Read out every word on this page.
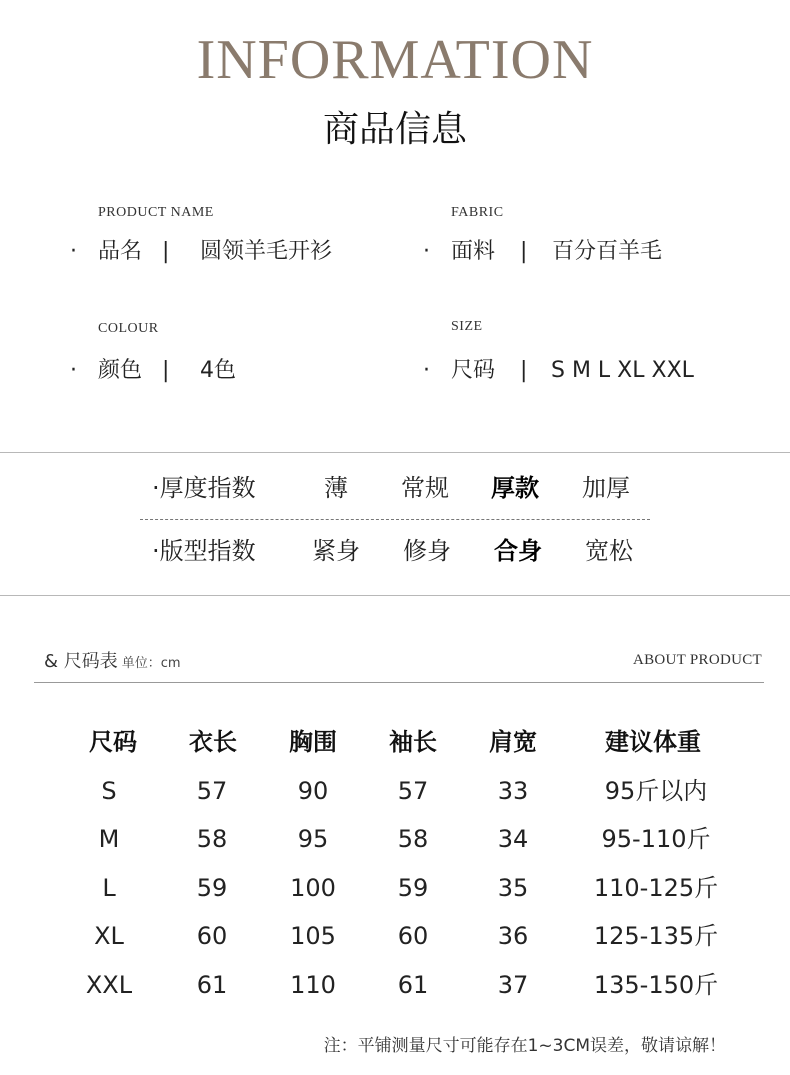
INFORMATION
商品信息
PRODUCT NAME
· 品名 | 圆领羊毛开衫
FABRIC
· 面料 | 百分百羊毛
COLOUR
· 颜色 | 4色
SIZE
· 尺码 | S M L XL XXL
·厚度指数	薄 常规 厚款 加厚
·版型指数 紧身 修身 合身 宽松
& 尺码表 单位：cm	ABOUT PRODUCT
尺码 衣长 胸围 袖长 肩宽	建议体重
S	57	90	57	33	95斤以内
M	58	95	58	34	95-110斤
L	59	100	59	35	110-125斤
XL	60	105	60	36	125-135斤
XXL	61	110	61	37	135-150斤
注：平铺测量尺寸可能存在1~3CM误差，敬请谅解！
